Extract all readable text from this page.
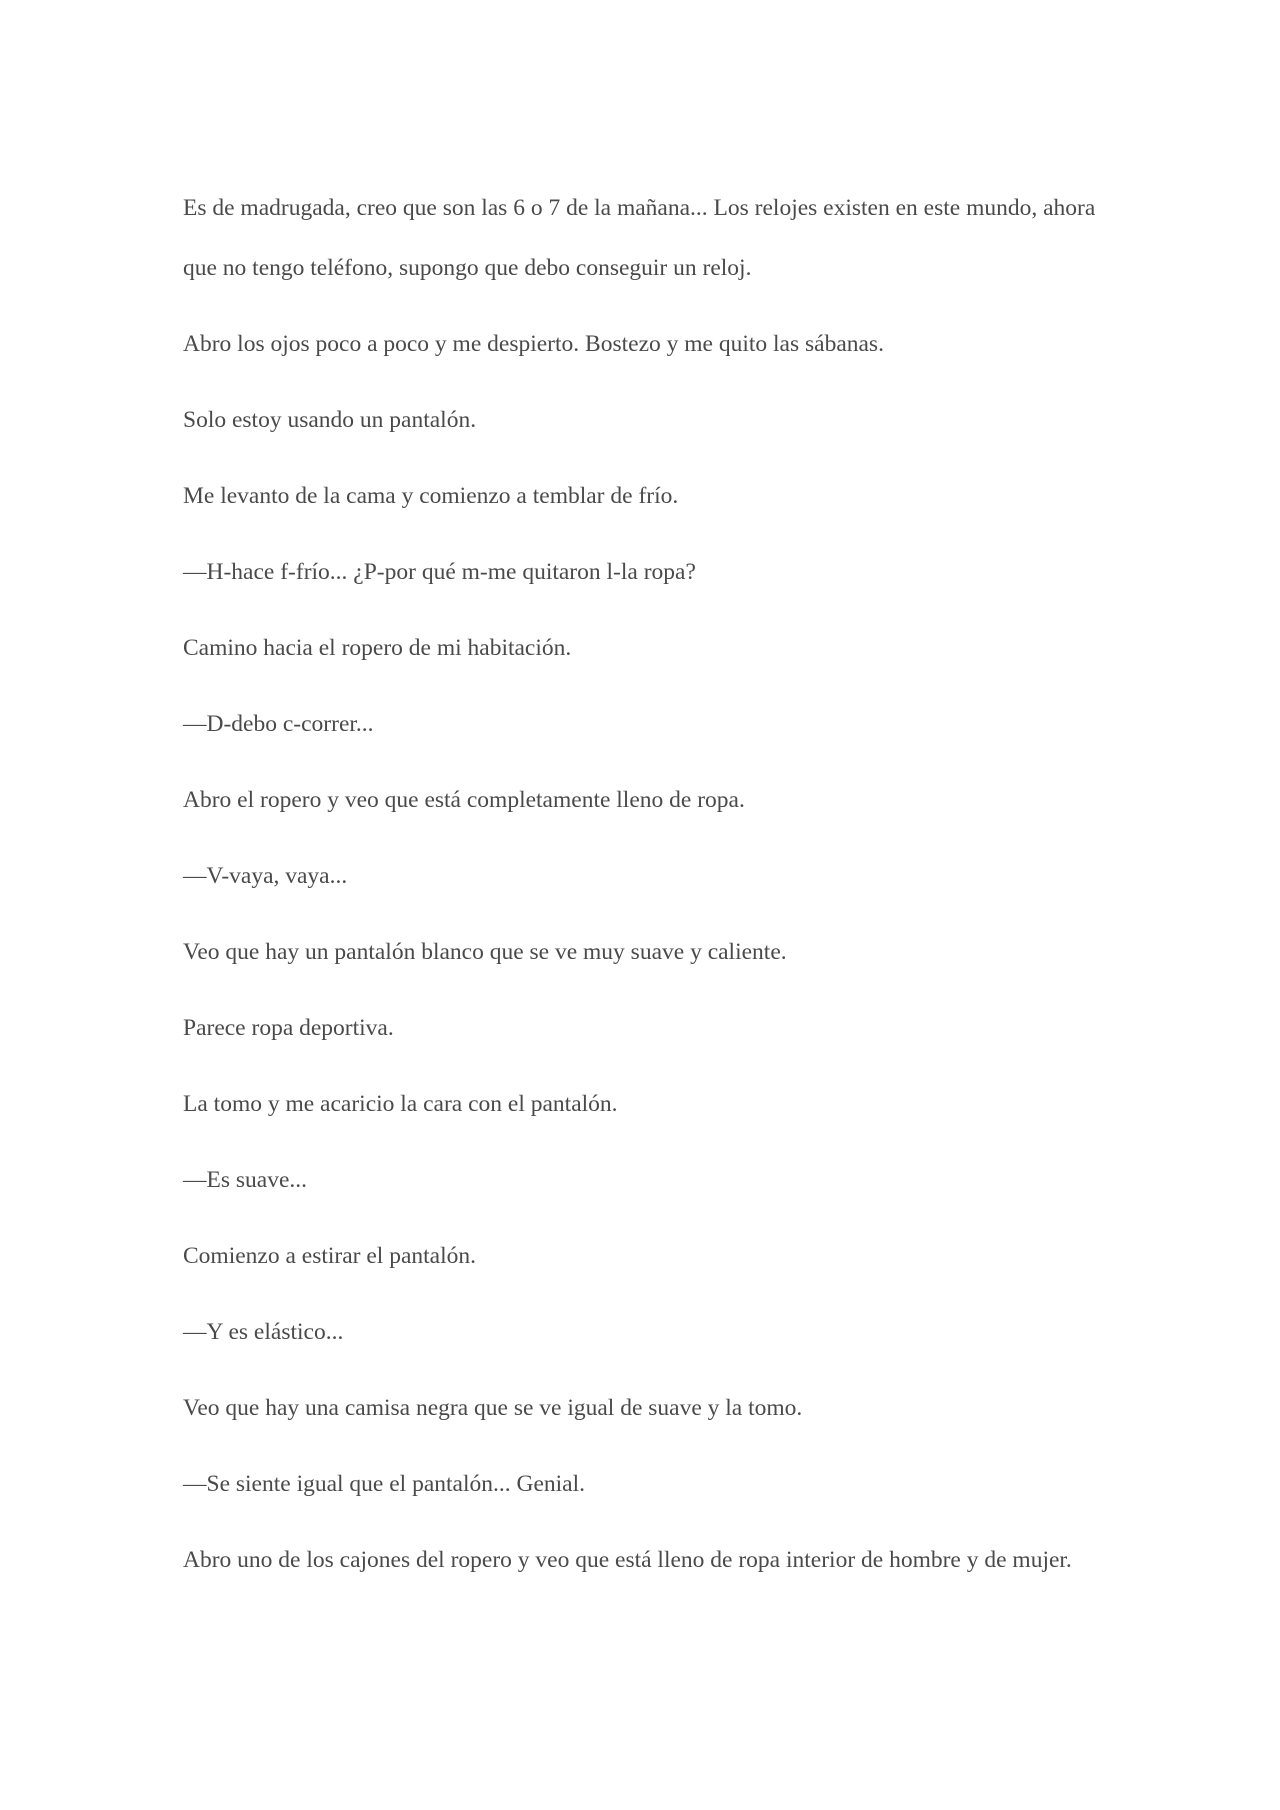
Es de madrugada, creo que son las 6 o 7 de la mañana... Los relojes existen en este mundo, ahora que no tengo teléfono, supongo que debo conseguir un reloj.

Abro los ojos poco a poco y me despierto. Bostezo y me quito las sábanas.

Solo estoy usando un pantalón.

Me levanto de la cama y comienzo a temblar de frío.

—H-hace f-frío... ¿P-por qué m-me quitaron l-la ropa?

Camino hacia el ropero de mi habitación.

—D-debo c-correr...

Abro el ropero y veo que está completamente lleno de ropa.

—V-vaya, vaya...

Veo que hay un pantalón blanco que se ve muy suave y caliente.

Parece ropa deportiva.

La tomo y me acaricio la cara con el pantalón.

—Es suave...

Comienzo a estirar el pantalón.

—Y es elástico...

Veo que hay una camisa negra que se ve igual de suave y la tomo.

—Se siente igual que el pantalón... Genial.

Abro uno de los cajones del ropero y veo que está lleno de ropa interior de hombre y de mujer.
